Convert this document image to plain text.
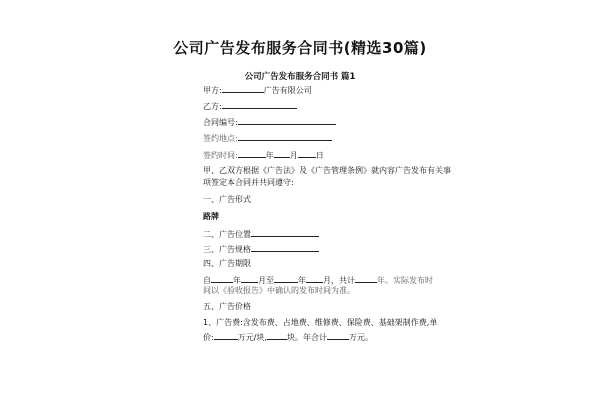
公司广告发布服务合同书(精选30篇)
公司广告发布服务合同书 篇1
甲方:	广告有限公司
乙方:
合同编号:
签约地点:
签约时间:	年 月 日
甲、乙双方根据《广告法》及《广告管理条例》就内容广告发布有关事
项签定本合同并共同遵守:
一、广告形式
路牌
二、广告位置
三、广告规格
四、广告期限
自	年 月至	年 月，共计	年。实际发布时
间以《验收报告》中确认的发布时间为准。
五、广告价格
1、广告费:含发布费、占地费、维修费、保险费、基础架制作费,单
价:	万元/块,	块。年合计	万元。
